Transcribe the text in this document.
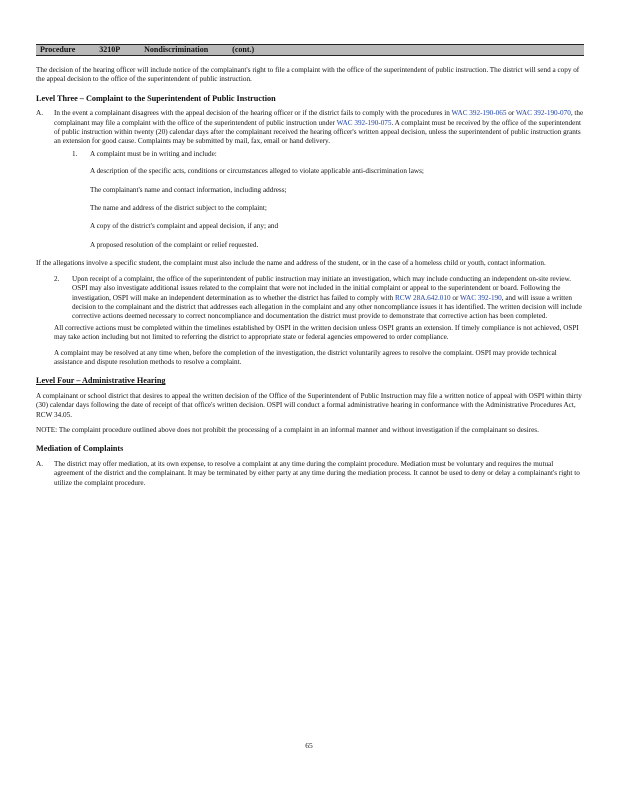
Procedure	3210P	Nondiscrimination	(cont.)

The decision of the hearing officer will include notice of the complainant's right to file a complaint with the office of the superintendent of public instruction. The district will send a copy of the appeal decision to the office of the superintendent of public instruction.

Level Three – Complaint to the Superintendent of Public Instruction
A.	In the event a complainant disagrees with the appeal decision of the hearing officer or if the district fails to comply with the procedures in WAC 392-190-065 or WAC 392-190-070, the complainant may file a complaint with the office of the superintendent of public instruction under WAC 392-190-075. A complaint must be received by the office of the superintendent of public instruction within twenty (20) calendar days after the complainant received the hearing officer's written appeal decision, unless the superintendent of public instruction grants an extension for good cause. Complaints may be submitted by mail, fax, email or hand delivery.

1.	A complaint must be in writing and include:
A description of the specific acts, conditions or circumstances alleged to violate applicable anti-discrimination laws;
The complainant's name and contact information, including address;
The name and address of the district subject to the complaint;
A copy of the district's complaint and appeal decision, if any; and
A proposed resolution of the complaint or relief requested.

If the allegations involve a specific student, the complaint must also include the name and address of the student, or in the case of a homeless child or youth, contact information.

2.	Upon receipt of a complaint, the office of the superintendent of public instruction may initiate an investigation, which may include conducting an independent on-site review. OSPI may also investigate additional issues related to the complaint that were not included in the initial complaint or appeal to the superintendent or board. Following the investigation, OSPI will make an independent determination as to whether the district has failed to comply with RCW 28A.642.010 or WAC 392-190, and will issue a written decision to the complainant and the district that addresses each allegation in the complaint and any other noncompliance issues it has identified. The written decision will include corrective actions deemed necessary to correct noncompliance and documentation the district must provide to demonstrate that corrective action has been completed.

All corrective actions must be completed within the timelines established by OSPI in the written decision unless OSPI grants an extension. If timely compliance is not achieved, OSPI may take action including but not limited to referring the district to appropriate state or federal agencies empowered to order compliance.

A complaint may be resolved at any time when, before the completion of the investigation, the district voluntarily agrees to resolve the complaint. OSPI may provide technical assistance and dispute resolution methods to resolve a complaint.

Level Four – Administrative Hearing

A complainant or school district that desires to appeal the written decision of the Office of the Superintendent of Public Instruction may file a written notice of appeal with OSPI within thirty (30) calendar days following the date of receipt of that office's written decision. OSPI will conduct a formal administrative hearing in conformance with the Administrative Procedures Act, RCW 34.05.

NOTE: The complaint procedure outlined above does not prohibit the processing of a complaint in an informal manner and without investigation if the complainant so desires.

Mediation of Complaints
A.	The district may offer mediation, at its own expense, to resolve a complaint at any time during the complaint procedure. Mediation must be voluntary and requires the mutual agreement of the district and the complainant. It may be terminated by either party at any time during the mediation process. It cannot be used to deny or delay a complainant's right to utilize the complaint procedure.
65
